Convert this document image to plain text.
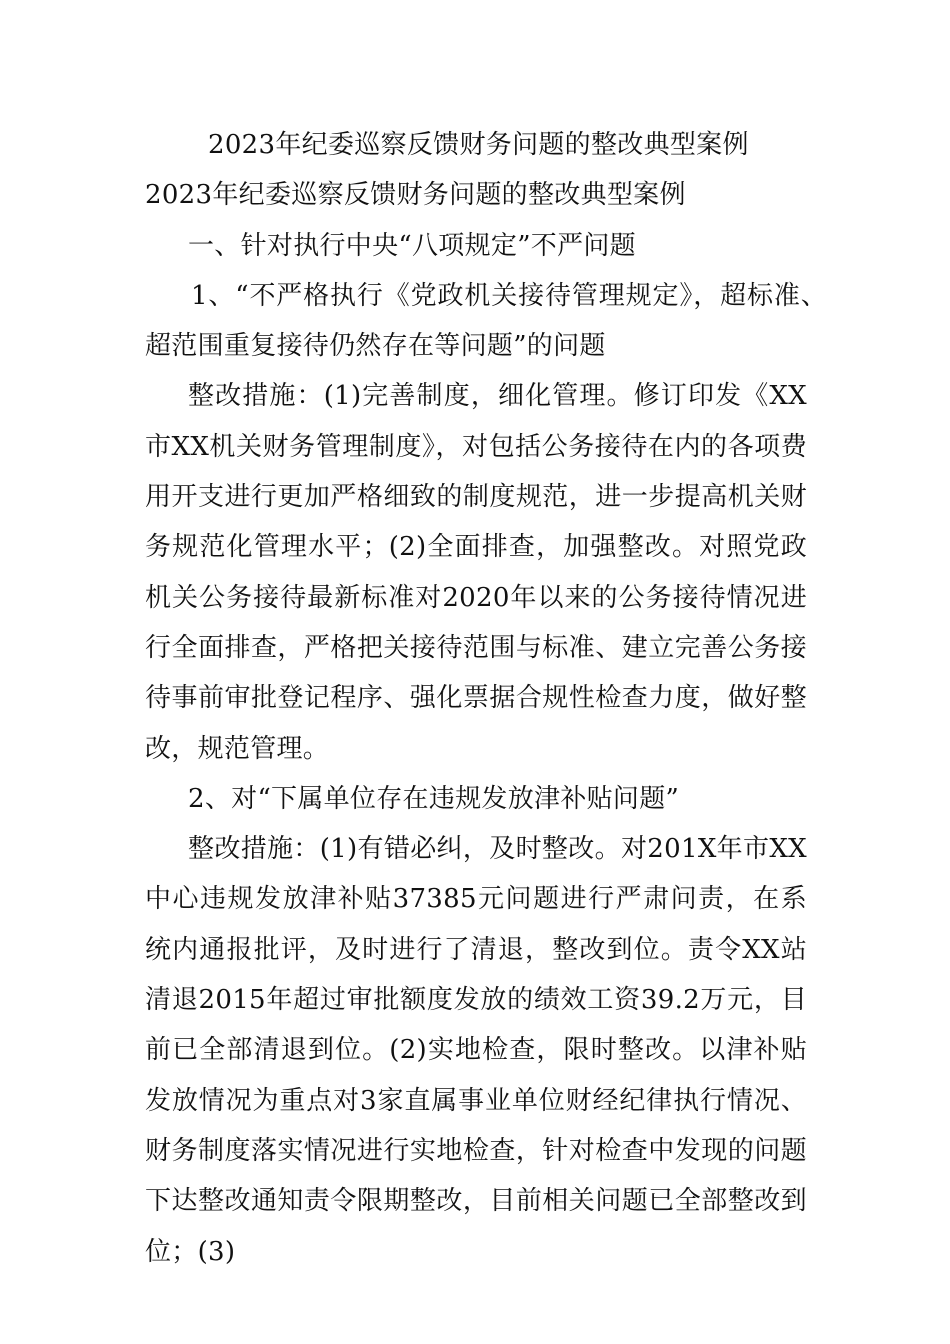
2023年纪委巡察反馈财务问题的整改典型案例

2023年纪委巡察反馈财务问题的整改典型案例

一、针对执行中央“八项规定”不严问题

1、“不严格执行《党政机关接待管理规定》，超标准、超范围重复接待仍然存在等问题”的问题

整改措施：(1)完善制度，细化管理。修订印发《XX市XX机关财务管理制度》，对包括公务接待在内的各项费用开支进行更加严格细致的制度规范，进一步提高机关财务规范化管理水平；(2)全面排查，加强整改。对照党政机关公务接待最新标准对2020年以来的公务接待情况进行全面排查，严格把关接待范围与标准、建立完善公务接待事前审批登记程序、强化票据合规性检查力度，做好整改，规范管理。

2、对“下属单位存在违规发放津补贴问题”

整改措施：(1)有错必纠，及时整改。对201X年市XX中心违规发放津补贴37385元问题进行严肃问责，在系统内通报批评，及时进行了清退，整改到位。责令XX站清退2015年超过审批额度发放的绩效工资39.2万元，目前已全部清退到位。(2)实地检查，限时整改。以津补贴发放情况为重点对3家直属事业单位财经纪律执行情况、财务制度落实情况进行实地检查，针对检查中发现的问题下达整改通知责令限期整改，目前相关问题已全部整改到位；(3)
